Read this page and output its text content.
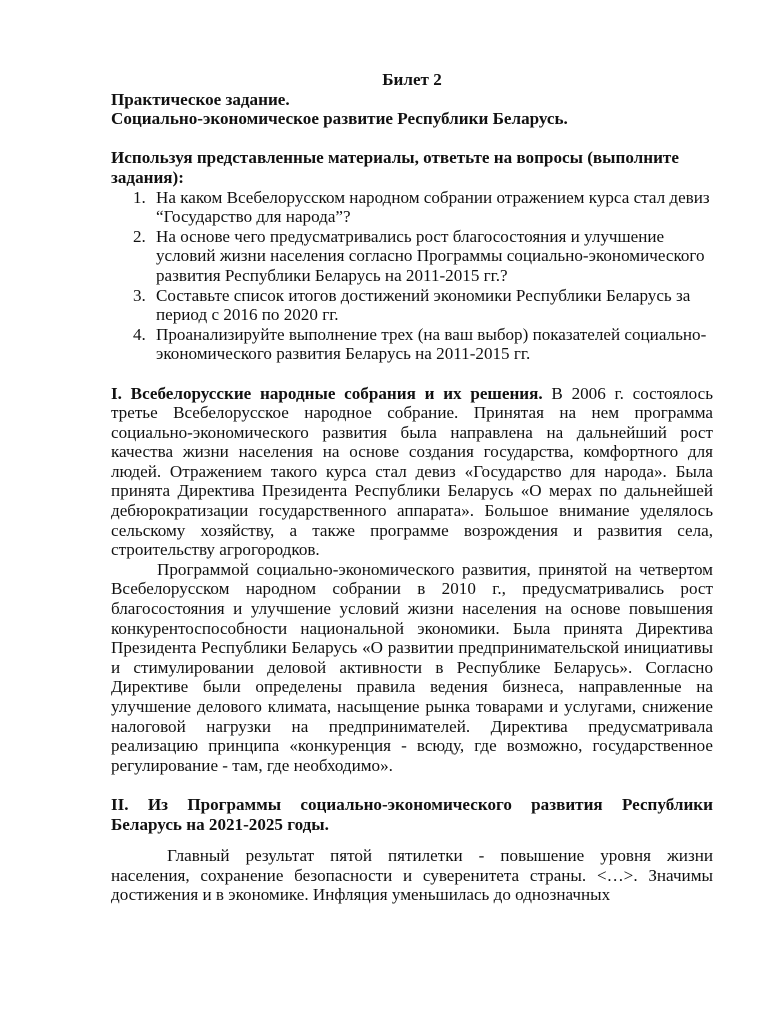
Билет 2

Практическое задание.

Социально-экономическое развитие Республики Беларусь.

Используя представленные материалы, ответьте на вопросы (выполните задания):

1. На каком Всебелорусском народном собрании отражением курса стал девиз “Государство для народа”?
2. На основе чего предусматривались рост благосостояния и улучшение условий жизни населения согласно Программы социально-экономического развития Республики Беларусь на 2011-2015 гг.?
3. Составьте список итогов достижений экономики Республики Беларусь за период с 2016 по 2020 гг.
4. Проанализируйте выполнение трех (на ваш выбор) показателей социально-экономического развития Беларусь на 2011-2015 гг.

I. Всебелорусские народные собрания и их решения. В 2006 г. состоялось третье Всебелорусское народное собрание. Принятая на нем программа социально-экономического развития была направлена на дальнейший рост качества жизни населения на основе создания государства, комфортного для людей. Отражением такого курса стал девиз «Государство для народа». Была принята Директива Президента Республики Беларусь «О мерах по дальнейшей дебюрократизации государственного аппарата». Большое внимание уделялось сельскому хозяйству, а также программе возрождения и развития села, строительству агрогородков.

Программой социально-экономического развития, принятой на четвертом Всебелорусском народном собрании в 2010 г., предусматривались рост благосостояния и улучшение условий жизни населения на основе повышения конкурентоспособности национальной экономики. Была принята Директива Президента Республики Беларусь «О развитии предпринимательской инициативы и стимулировании деловой активности в Республике Беларусь». Согласно Директиве были определены правила ведения бизнеса, направленные на улучшение делового климата, насыщение рынка товарами и услугами, снижение налоговой нагрузки на предпринимателей. Директива предусматривала реализацию принципа «конкуренция - всюду, где возможно, государственное регулирование - там, где необходимо».

II. Из Программы социально-экономического развития Республики Беларусь на 2021-2025 годы.

Главный результат пятой пятилетки - повышение уровня жизни населения, сохранение безопасности и суверенитета страны. <…>. Значимы достижения и в экономике. Инфляция уменьшилась до однозначных
